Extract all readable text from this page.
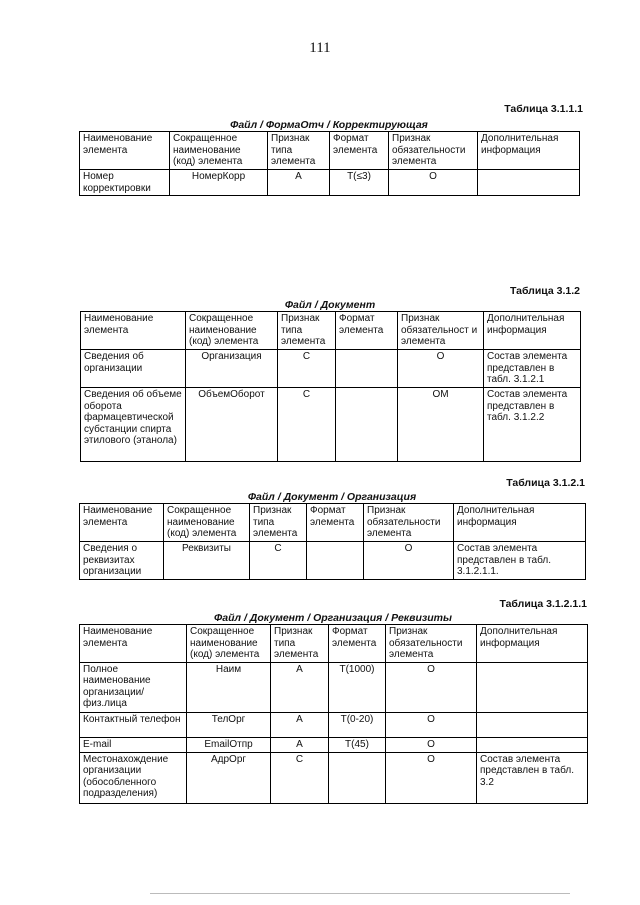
111
Таблица 3.1.1.1
Файл / ФормаОтч / Корректирующая
Наименование элемента	Сокращенное наименование (код) элемента	Признак типа элемента	Формат элемента	Признак обязательности элемента	Дополнительная информация
Номер корректировки	НомерКорр	А	Т(≤3)	О	
Таблица 3.1.2
Файл / Документ
Наименование элемента	Сокращенное наименование (код) элемента	Признак типа элемента	Формат элемента	Признак обязательност и элемента	Дополнительная информация
Сведения об организации	Организация	С		О	Состав элемента представлен в табл. 3.1.2.1
Сведения об объеме оборота фармацевтической субстанции спирта этилового (этанола)	ОбъемОборот	С		ОМ	Состав элемента представлен в табл. 3.1.2.2
Таблица 3.1.2.1
Файл / Документ / Организация
Наименование элемента	Сокращенное наименование (код) элемента	Признак типа элемента	Формат элемента	Признак обязательности элемента	Дополнительная информация
Сведения о реквизитах организации	Реквизиты	С		О	Состав элемента представлен в табл. 3.1.2.1.1.
Таблица 3.1.2.1.1
Файл / Документ / Организация / Реквизиты
Наименование элемента	Сокращенное наименование (код) элемента	Признак типа элемента	Формат элемента	Признак обязательности элемента	Дополнительная информация
Полное наименование организации/ физ.лица	Наим	А	Т(1000)	О	
Контактный телефон	ТелОрг	А	Т(0-20)	О	
E-mail	EmailОтпр	А	Т(45)	О	
Местонахождение организации (обособленного подразделения)	АдрОрг	С		О	Состав элемента представлен в табл. 3.2
